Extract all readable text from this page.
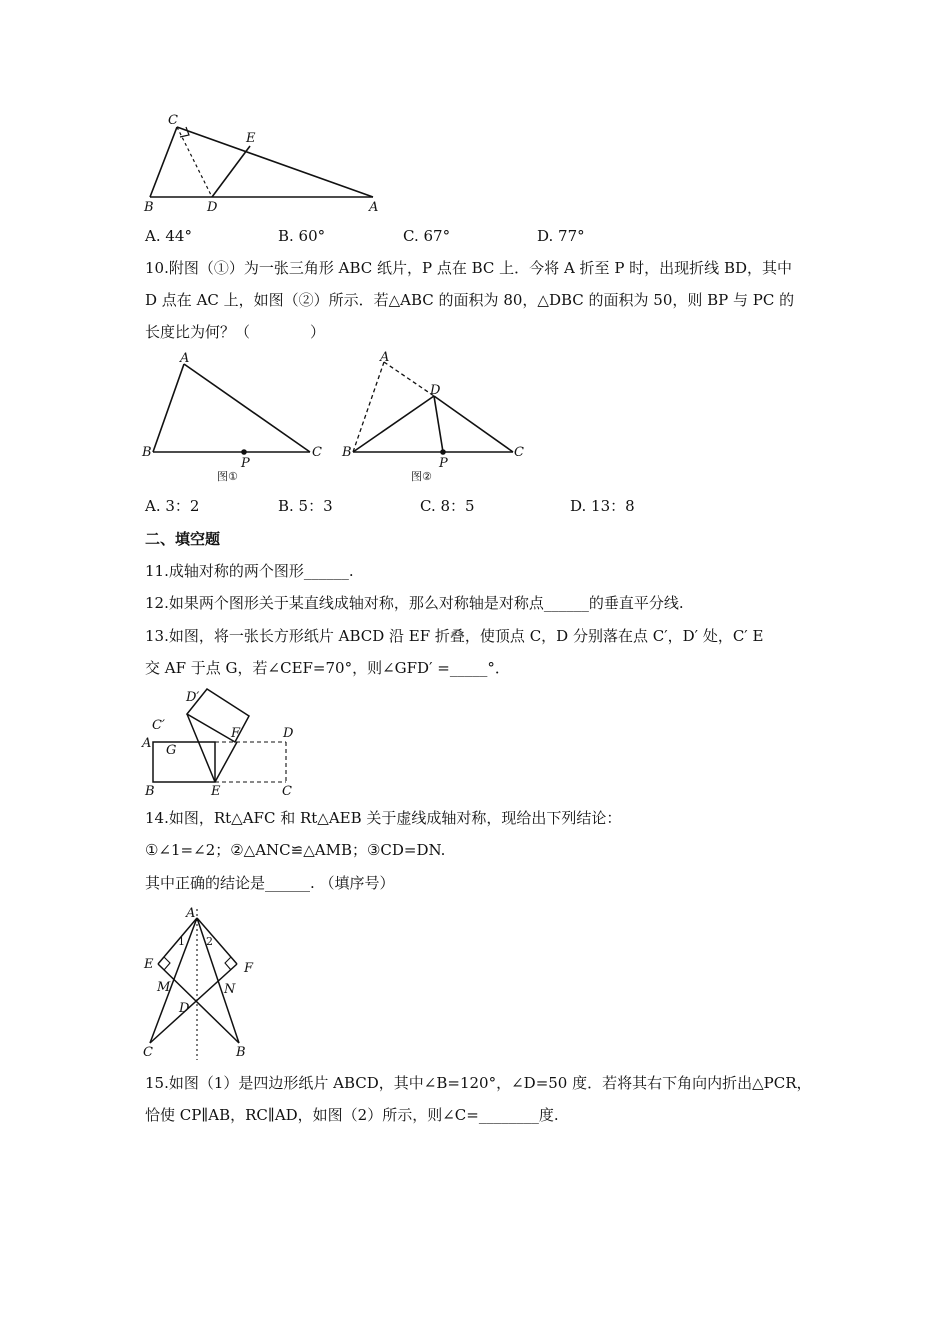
C
E
B	D	A
A. 44°	B. 60°	C. 67°	D. 77°
10.附图（①）为一张三角形 ABC 纸片，P 点在 BC 上．今将 A 折至 P 时，出现折线 BD，其中
D 点在 AC 上，如图（②）所示．若△ABC 的面积为 80，△DBC 的面积为 50，则 BP 与 PC 的
长度比为何？（　　　　）
A
B	C
P
图①
A
D
B	C
P
图②
A. 3：2	B. 5：3	C. 8：5	D. 13：8
二、填空题
11.成轴对称的两个图形______.
12.如果两个图形关于某直线成轴对称，那么对称轴是对称点______的垂直平分线.
13.如图，将一张长方形纸片 ABCD 沿 EF 折叠，使顶点 C，D 分别落在点 C′，D′ 处，C′ E
交 AF 于点 G，若∠CEF=70°，则∠GFD′ =_____°．
D′
C′
A G
F	D
B	E	C
14.如图，Rt△AFC 和 Rt△AEB 关于虚线成轴对称，现给出下列结论：
①∠1=∠2；②△ANC≌△AMB；③CD=DN.
其中正确的结论是______. （填序号）
A
1 2
E	F
M	N
D
C	B
15.如图（1）是四边形纸片 ABCD，其中∠B=120°，∠D=50 度．若将其右下角向内折出△PCR，
恰使 CP∥AB，RC∥AD，如图（2）所示，则∠C=________度.
